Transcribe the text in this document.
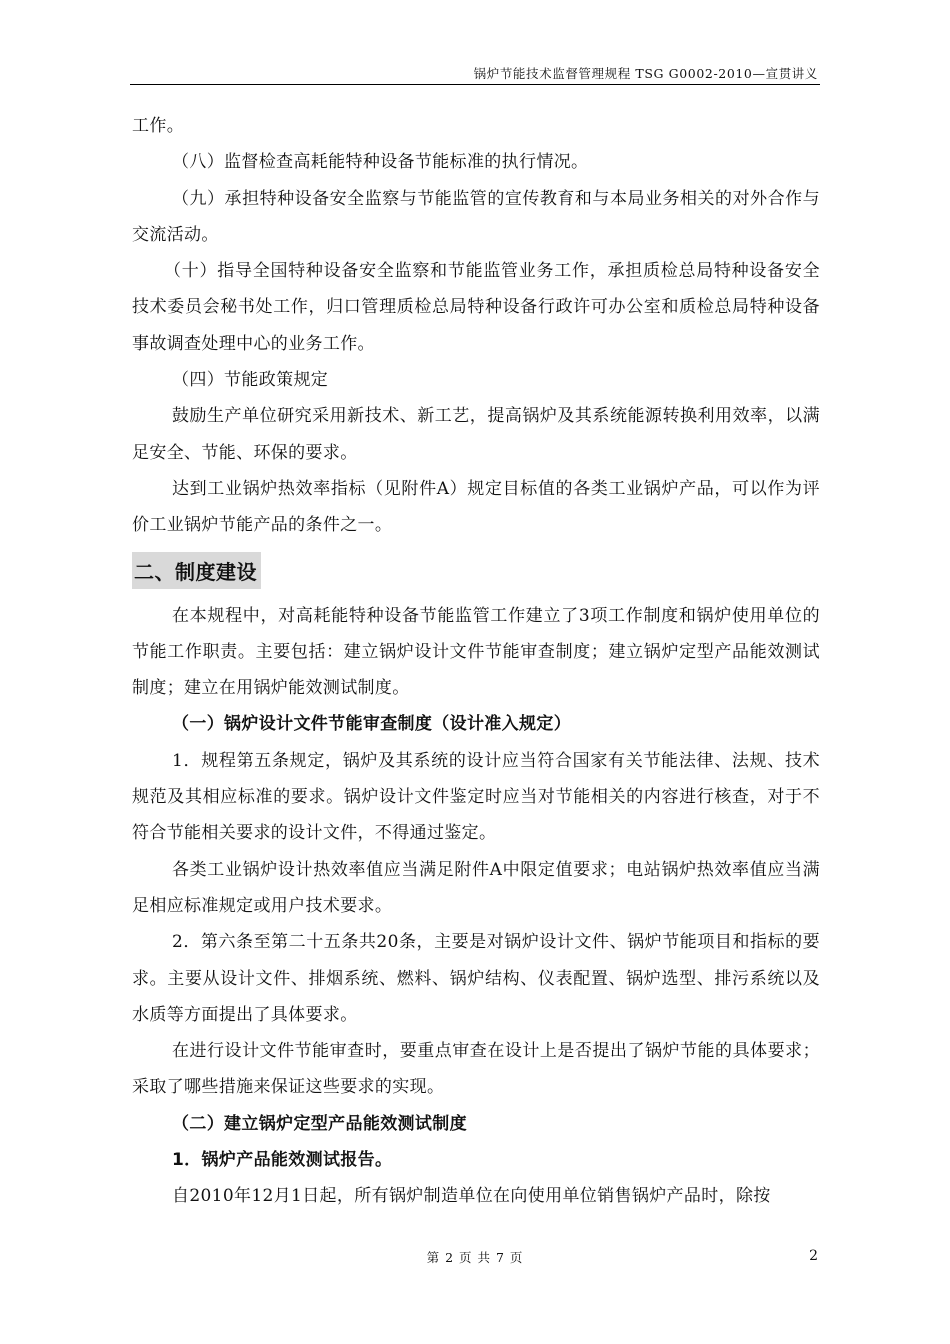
锅炉节能技术监督管理规程 TSG G0002-2010—宣贯讲义

工作。

（八）监督检查高耗能特种设备节能标准的执行情况。

（九）承担特种设备安全监察与节能监管的宣传教育和与本局业务相关的对外合作与交流活动。

（十）指导全国特种设备安全监察和节能监管业务工作，承担质检总局特种设备安全技术委员会秘书处工作，归口管理质检总局特种设备行政许可办公室和质检总局特种设备事故调查处理中心的业务工作。

（四）节能政策规定

鼓励生产单位研究采用新技术、新工艺，提高锅炉及其系统能源转换利用效率，以满足安全、节能、环保的要求。

达到工业锅炉热效率指标（见附件A）规定目标值的各类工业锅炉产品，可以作为评价工业锅炉节能产品的条件之一。

二、制度建设

在本规程中，对高耗能特种设备节能监管工作建立了3项工作制度和锅炉使用单位的节能工作职责。主要包括：建立锅炉设计文件节能审查制度；建立锅炉定型产品能效测试制度；建立在用锅炉能效测试制度。

（一）锅炉设计文件节能审查制度（设计准入规定）

1．规程第五条规定，锅炉及其系统的设计应当符合国家有关节能法律、法规、技术规范及其相应标准的要求。锅炉设计文件鉴定时应当对节能相关的内容进行核查，对于不符合节能相关要求的设计文件，不得通过鉴定。

各类工业锅炉设计热效率值应当满足附件A中限定值要求；电站锅炉热效率值应当满足相应标准规定或用户技术要求。

2．第六条至第二十五条共20条，主要是对锅炉设计文件、锅炉节能项目和指标的要求。主要从设计文件、排烟系统、燃料、锅炉结构、仪表配置、锅炉选型、排污系统以及水质等方面提出了具体要求。

在进行设计文件节能审查时，要重点审查在设计上是否提出了锅炉节能的具体要求；采取了哪些措施来保证这些要求的实现。

（二）建立锅炉定型产品能效测试制度

1．锅炉产品能效测试报告。

自2010年12月1日起，所有锅炉制造单位在向使用单位销售锅炉产品时，除按

第 2 页 共 7 页	2
